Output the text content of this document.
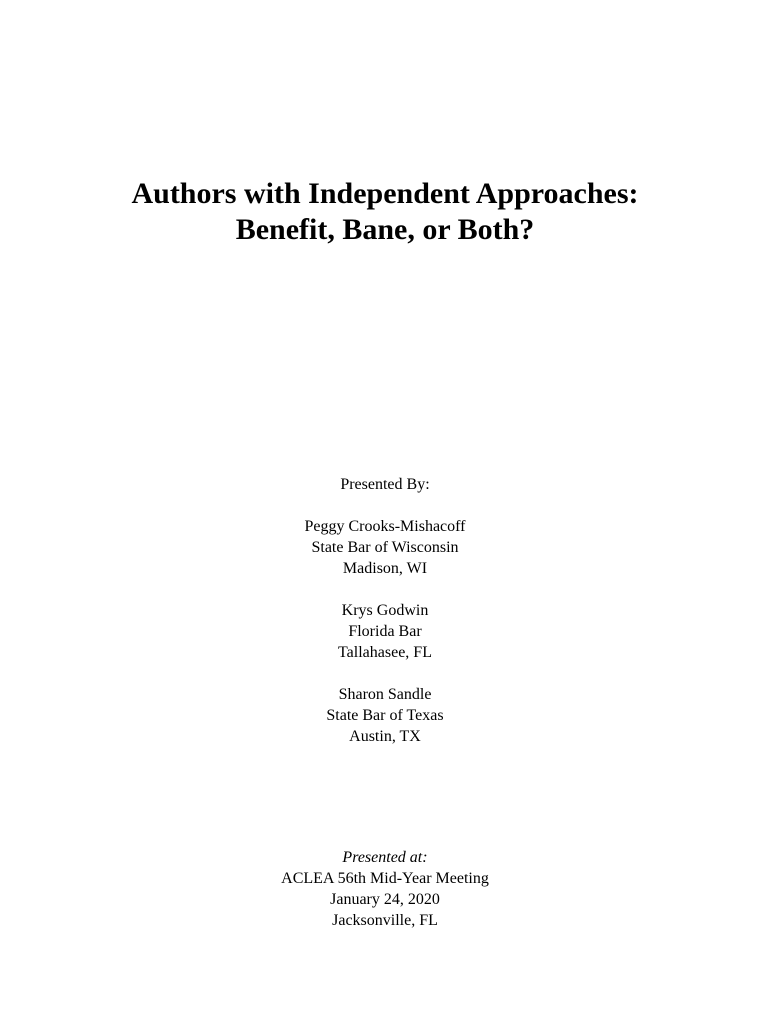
Authors with Independent Approaches:
Benefit, Bane, or Both?
Presented By:
Peggy Crooks-Mishacoff
State Bar of Wisconsin
Madison, WI
Krys Godwin
Florida Bar
Tallahasee, FL
Sharon Sandle
State Bar of Texas
Austin, TX
Presented at:
ACLEA 56th Mid-Year Meeting
January 24, 2020
Jacksonville, FL
